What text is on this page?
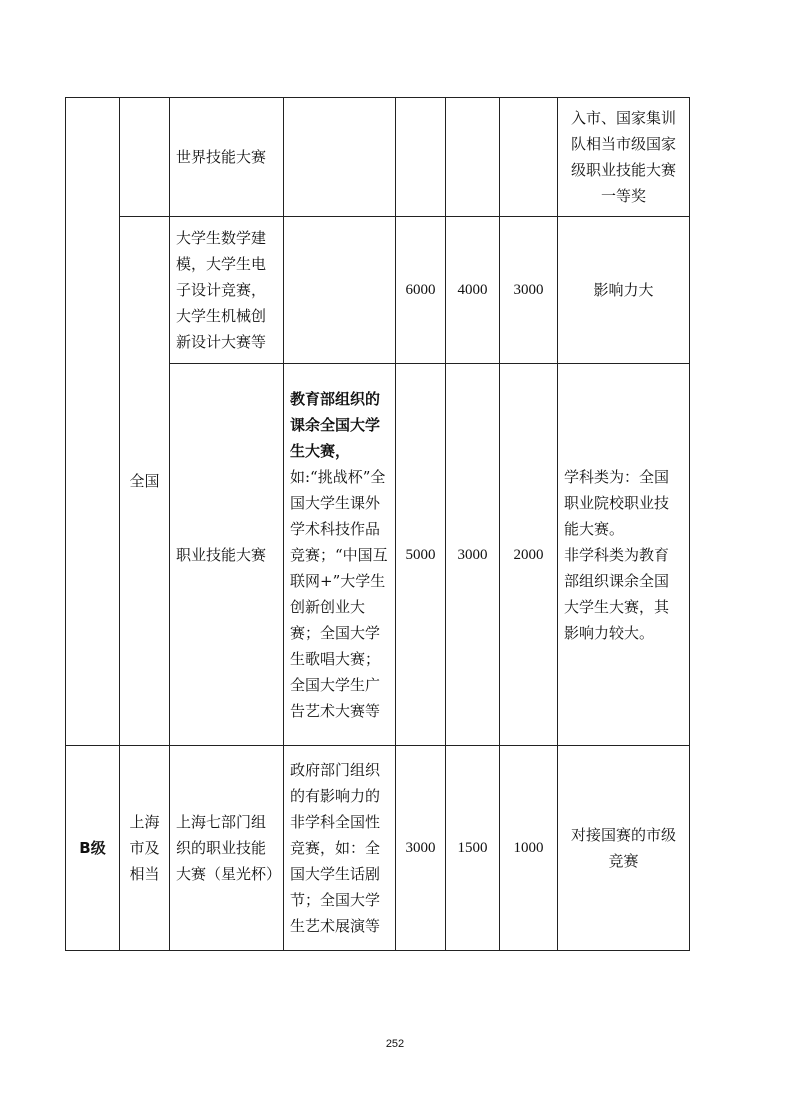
		世界技能大赛					入市、国家集训队相当市级国家级职业技能大赛一等奖
	全国	大学生数学建模，大学生电子设计竞赛，大学生机械创新设计大赛等		6000	4000	3000	影响力大
		职业技能大赛	教育部组织的课余全国大学生大赛，如:“挑战杯”全国大学生课外学术科技作品竞赛；“中国互联网+”大学生创新创业大赛；全国大学生歌唱大赛；全国大学生广告艺术大赛等	5000	3000	2000	学科类为：全国职业院校职业技能大赛。
非学科类为教育部组织课余全国大学生大赛，其影响力较大。

B级	上海市及相当	上海七部门组织的职业技能大赛（星光杯）	政府部门组织的有影响力的非学科全国性竞赛，如：全国大学生话剧节；全国大学生艺术展演等	3000	1500	1000	对接国赛的市级竞赛
252
